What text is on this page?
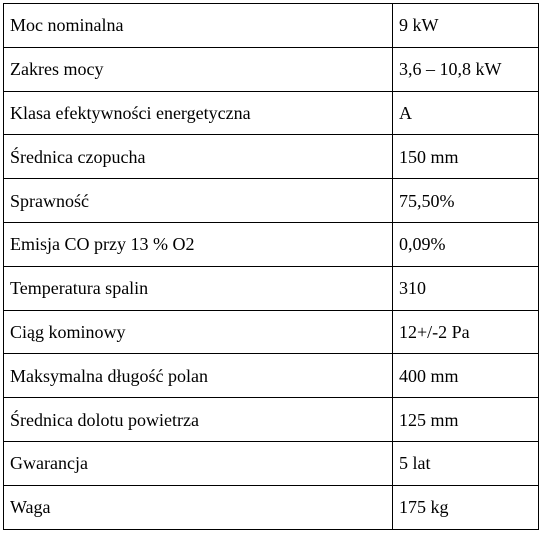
Moc nominalna	9 kW
Zakres mocy	3,6 – 10,8 kW
Klasa efektywności energetyczna	A
Średnica czopucha	150 mm
Sprawność	75,50%
Emisja CO przy 13 % O2	0,09%
Temperatura spalin	310
Ciąg kominowy	12+/-2 Pa
Maksymalna długość polan	400 mm
Średnica dolotu powietrza	125 mm
Gwarancja	5 lat
Waga	175 kg
